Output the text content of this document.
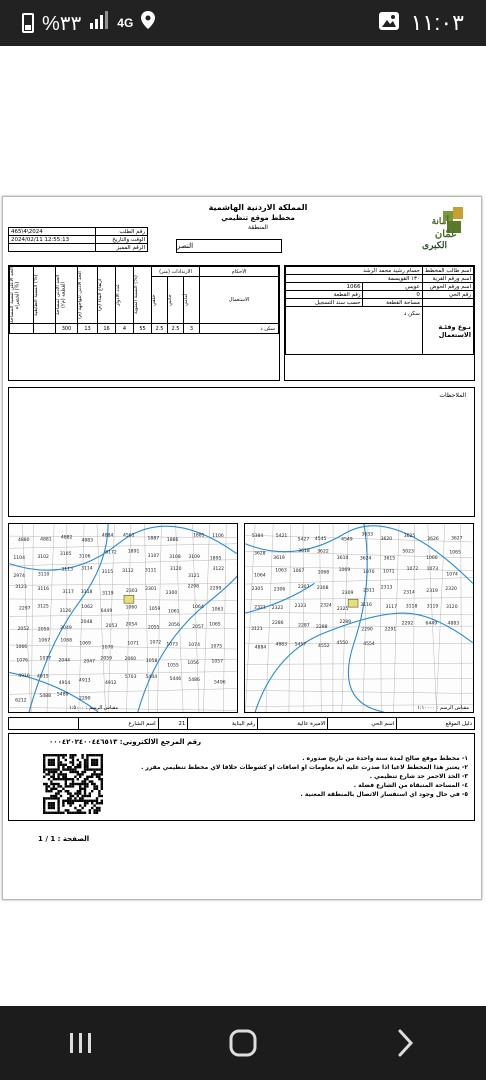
%٣٣	4G	١١:٠٣
أمانة
عمّان
الكبرى
المملكة الاردنية الهاشمية
مخطط موقع تنظيمي
المنطقة
النصر
465\4\2024	رقم الطلب
2024/02/11 12:55:13	الوقت والتاريخ
	الرقم المميز
الحد الاعلى لنسبة المساحة الخضراء (%)	النسبة الطابقية (%)	الحد الادنى لمساحة القطعة (م٢)	الحد الادنى للواجهة (م)	ارتفاع البناء (م)	عدد الادوار	النسبة المئوية (%)	الارتدادات (متر)			الاحكام

							خلفي	جانبي	أمامي	الاستعمال
		300	13	16	4	55	2.5	2.5	3	سكن د
حسام رشيد محمد الرشد		اسم طالب المخطط
١٣٠ القويسمة		اسم ورقم القرية
1066	عويس	اسم ورقم الحوض
رقم القطعة	0	رقم الحي
حسب سند التسجيل	مساحة القطعة	
سكن د		نـوع وفئـة الاستعمال
الملاحظات
4880 4881 4882
4883
4884 4561
1887 1886
1885 1106
1104	3102
3105
3106
6172 1891
3107 3108 3109 1895
2974	3110
3113 3114
3115 3112 3111	3120
3121
3122
3123 3116
3117 3118 3119	2303 2301
2300
2298 2299
2297 3125
3126
1062
6449
1060	1059 1061
1064 1063
2052 2050 2049
2048
2053 2054
2055
2056	2057
1065
1066
1067 1068
1069
1070
1071 1072 1073 1074 1075
1076	1077 2044	2047
2059	2060 1058
1055 1056	1057
4916 4915
4914 4913	4912
5703 5444	5446 5486
5496
6212
5488 5489
2290
مقياس الرسم : ١:٥٠٠٠
5384	5421
5427 4545	4549
3633
3620
3625
3626	3627
3628
3619
3618 3622
3610	3624	3615
5023
1066
1065
1064
1063 1067	1068
1069	1070 1071	1072 1073
1074
2305 2306
2307 2308
2309 2311
2313
2314 2319 2320
2321 2322 2323	2324
2325
3116	3117 3118 3119 3120
3121
2286	2287 2288
2289
2290	2291
2292	6449 4883
4884
4883 5457	4552
4550	4554
مقياس الرسم : ١:١٠٠٠٠
	اسم الشارع	21	رقم البناية	الاميرة عالية	اسم الحي	دليل الموقع
رقم المرجع الالكتروني: ٠٠٠٤٢٠٢٤٠٠٤٤٦٥١٣
١- مخطط موقع صالح لمدة سنة واحدة من تاريخ صدوره .
٢- يعتبر هذا المخطط لاغيا اذا صدرت عليه اية معلومات او اضافات او كشوطات خلافا لاي مخطط تنظيمي مقرر .
٣- الحد الاحمر حد شارع تنظيمي .
٤- المساحة المتبقاه من الشارع فضلة .
٥- في حال وجود اي استفسار الاتصال بالمنطقة المعنية .
الصفحة : 1 / 1
